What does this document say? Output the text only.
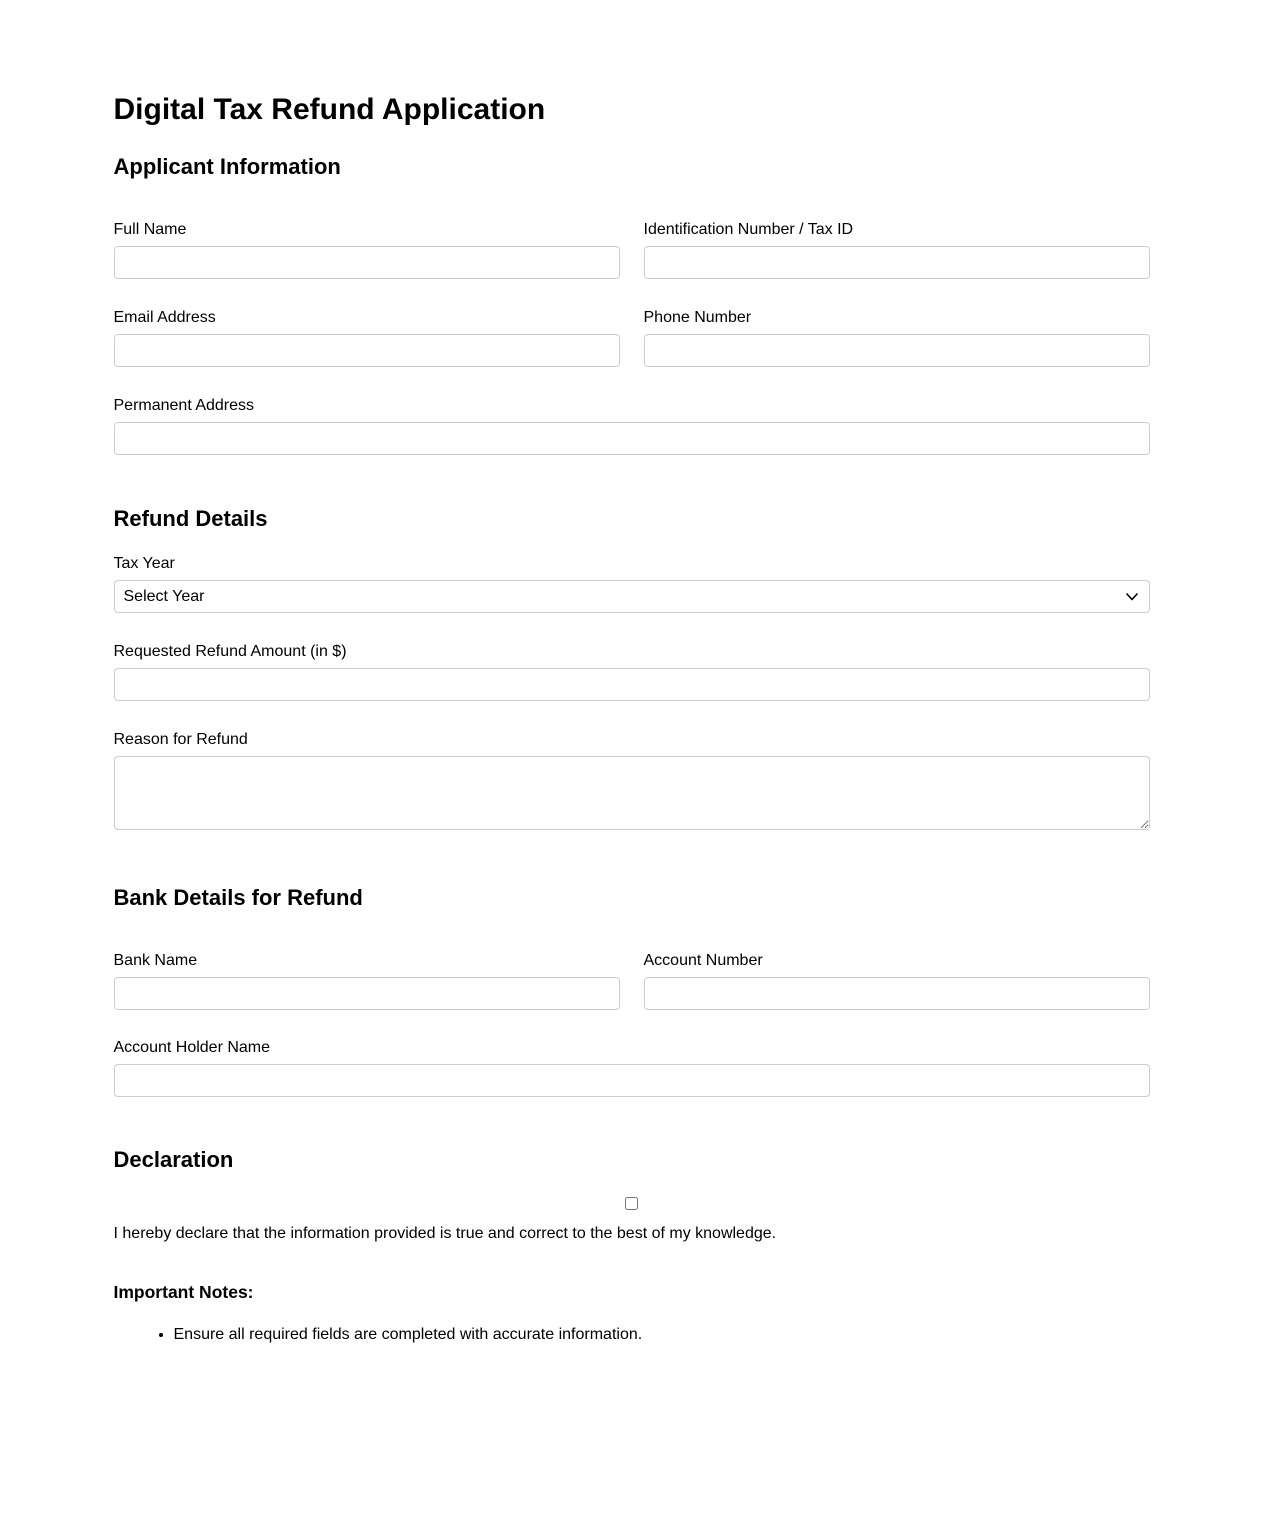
Digital Tax Refund Application
Applicant Information
Full Name	Identification Number / Tax ID
Email Address	Phone Number
Permanent Address
Refund Details
Tax Year
Select Year
Requested Refund Amount (in $)
Reason for Refund
Bank Details for Refund
Bank Name	Account Number
Account Holder Name
Declaration

I hereby declare that the information provided is true and correct to the best of my knowledge.

Important Notes:
• Ensure all required fields are completed with accurate information.
